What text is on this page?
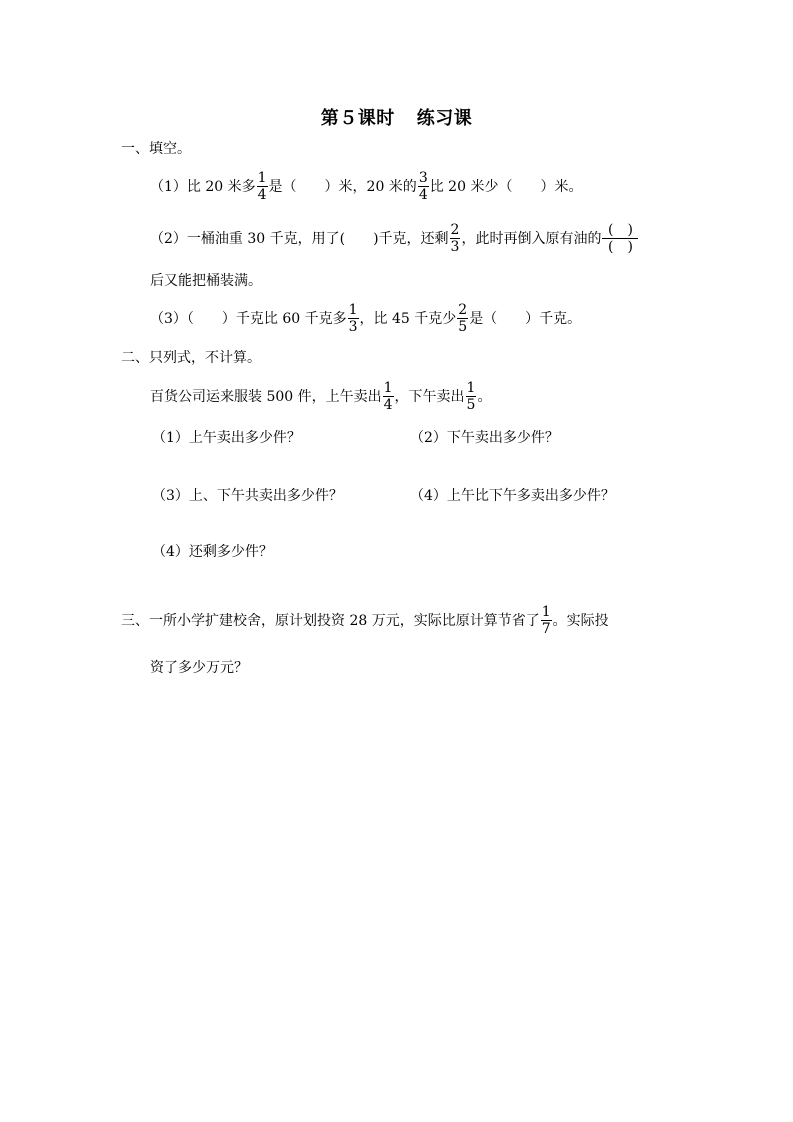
第５课时 练习课
一、填空。
（1）比 20 米多 $\frac{1}{4}$ 是（　　）米，20 米的 $\frac{3}{4}$ 比 20 米少（　　）米。
（2）一桶油重 30 千克，用了(　　)千克，还剩 $\frac{2}{3}$ ，此时再倒入原有油的 $\frac{( )}{( )}$
后又能把桶装满。
（3）（　　）千克比 60 千克多 $\frac{1}{3}$ ，比 45 千克少 $\frac{2}{5}$ 是（　　）千克。
二、只列式，不计算。
百货公司运来服装 500 件，上午卖出 $\frac{1}{4}$ ，下午卖出 $\frac{1}{5}$ 。
（1）上午卖出多少件？	（2）下午卖出多少件？
（3）上、下午共卖出多少件？	（4）上午比下午多卖出多少件？
（4）还剩多少件？
三、一所小学扩建校舍，原计划投资 28 万元，实际比原计算节省了 $\frac{1}{7}$ 。实际投
资了多少万元？
